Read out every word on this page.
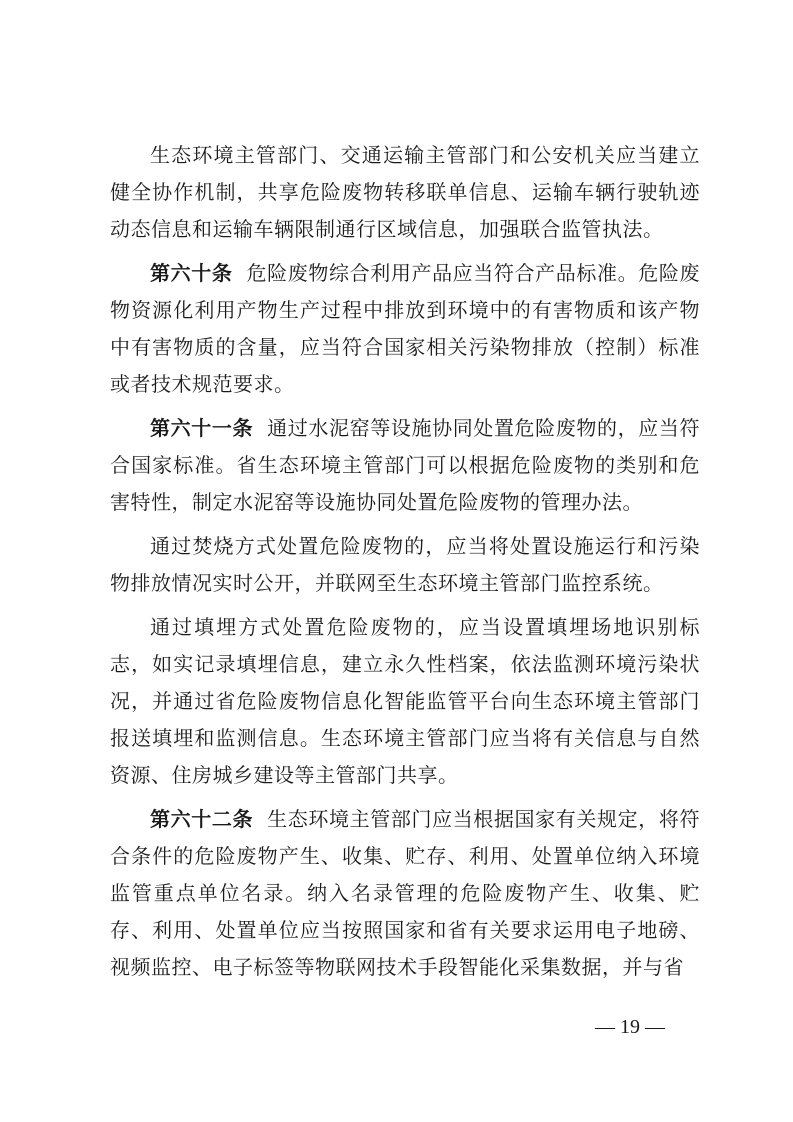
生态环境主管部门、交通运输主管部门和公安机关应当建立健全协作机制，共享危险废物转移联单信息、运输车辆行驶轨迹动态信息和运输车辆限制通行区域信息，加强联合监管执法。

第六十条 危险废物综合利用产品应当符合产品标准。危险废物资源化利用产物生产过程中排放到环境中的有害物质和该产物中有害物质的含量，应当符合国家相关污染物排放（控制）标准或者技术规范要求。

第六十一条 通过水泥窑等设施协同处置危险废物的，应当符合国家标准。省生态环境主管部门可以根据危险废物的类别和危害特性，制定水泥窑等设施协同处置危险废物的管理办法。

通过焚烧方式处置危险废物的，应当将处置设施运行和污染物排放情况实时公开，并联网至生态环境主管部门监控系统。

通过填埋方式处置危险废物的，应当设置填埋场地识别标志，如实记录填埋信息，建立永久性档案，依法监测环境污染状况，并通过省危险废物信息化智能监管平台向生态环境主管部门报送填埋和监测信息。生态环境主管部门应当将有关信息与自然资源、住房城乡建设等主管部门共享。

第六十二条 生态环境主管部门应当根据国家有关规定，将符合条件的危险废物产生、收集、贮存、利用、处置单位纳入环境监管重点单位名录。纳入名录管理的危险废物产生、收集、贮存、利用、处置单位应当按照国家和省有关要求运用电子地磅、视频监控、电子标签等物联网技术手段智能化采集数据，并与省

— 19 —
